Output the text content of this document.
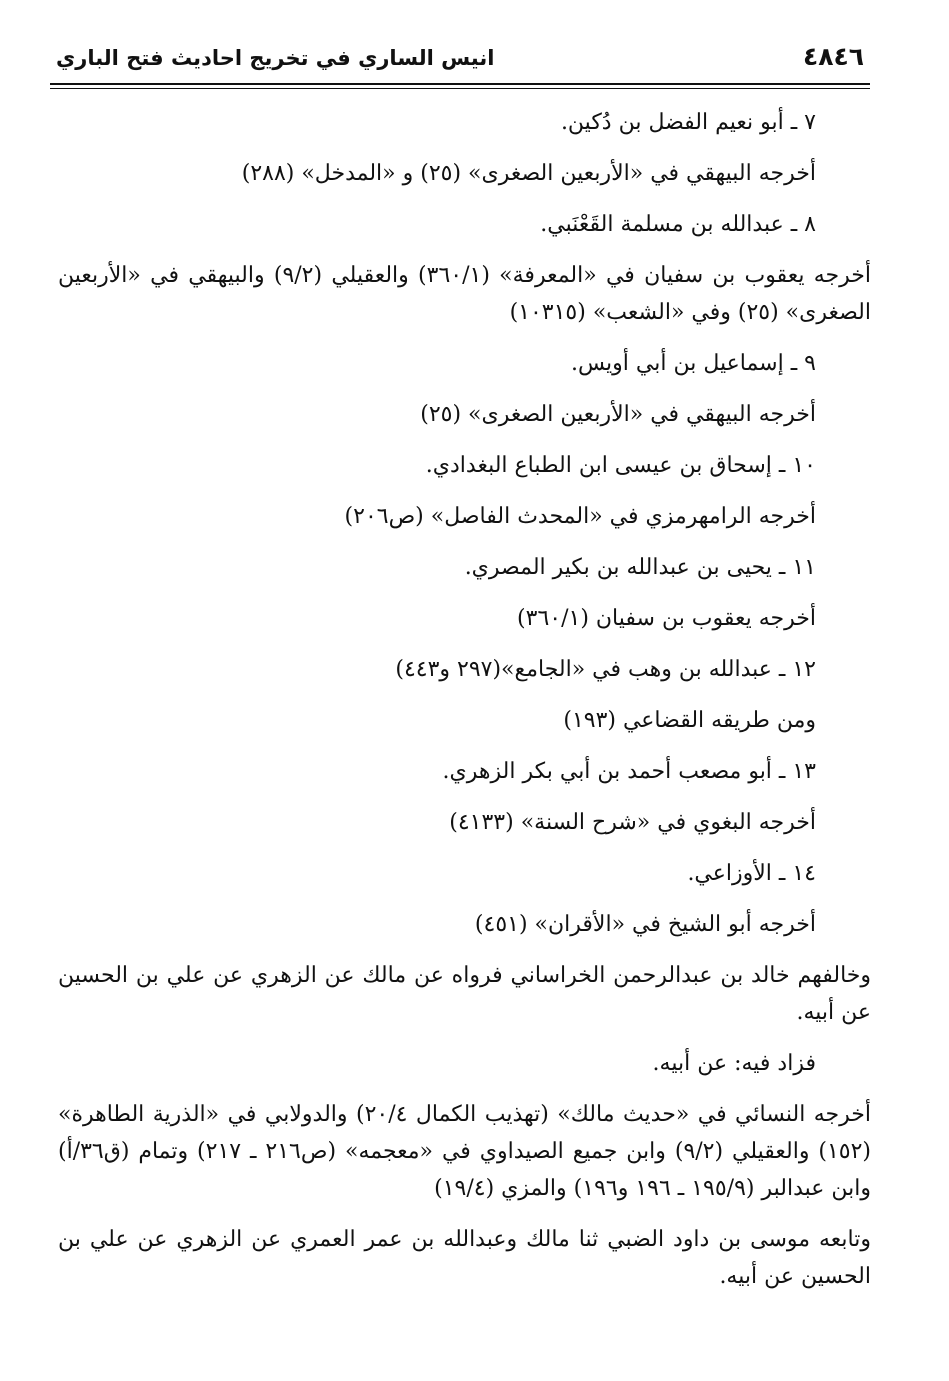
انيس الساري في تخريج احاديث فتح الباري	٤٨٤٦
٧ ـ أبو نعيم الفضل بن دُكين.
أخرجه البيهقي في «الأربعين الصغرى» (٢٥) و «المدخل» (٢٨٨)
٨ ـ عبدالله بن مسلمة القَعْنَبي.
أخرجه يعقوب بن سفيان في «المعرفة» (٣٦٠/١) والعقيلي (٩/٢) والبيهقي في «الأربعين الصغرى» (٢٥) وفي «الشعب» (١٠٣١٥)
٩ ـ إسماعيل بن أبي أويس.
أخرجه البيهقي في «الأربعين الصغرى» (٢٥)
١٠ ـ إسحاق بن عيسى ابن الطباع البغدادي.
أخرجه الرامهرمزي في «المحدث الفاصل» (ص٢٠٦)
١١ ـ يحيى بن عبدالله بن بكير المصري.
أخرجه يعقوب بن سفيان (٣٦٠/١)
١٢ ـ عبدالله بن وهب في «الجامع»(٢٩٧ و٤٤٣)
ومن طريقه القضاعي (١٩٣)
١٣ ـ أبو مصعب أحمد بن أبي بكر الزهري.
أخرجه البغوي في «شرح السنة» (٤١٣٣)
١٤ ـ الأوزاعي.
أخرجه أبو الشيخ في «الأقران» (٤٥١)
وخالفهم خالد بن عبدالرحمن الخراساني فرواه عن مالك عن الزهري عن علي بن الحسين عن أبيه.
فزاد فيه: عن أبيه.
أخرجه النسائي في «حديث مالك» (تهذيب الكمال ٢٠/٤) والدولابي في «الذرية الطاهرة» (١٥٢) والعقيلي (٩/٢) وابن جميع الصيداوي في «معجمه» (ص٢١٦ ـ ٢١٧) وتمام (ق٣٦/أ) وابن عبدالبر (١٩٥/٩ ـ ١٩٦ و١٩٦) والمزي (١٩/٤)
وتابعه موسى بن داود الضبي ثنا مالك وعبدالله بن عمر العمري عن الزهري عن علي بن الحسين عن أبيه.
